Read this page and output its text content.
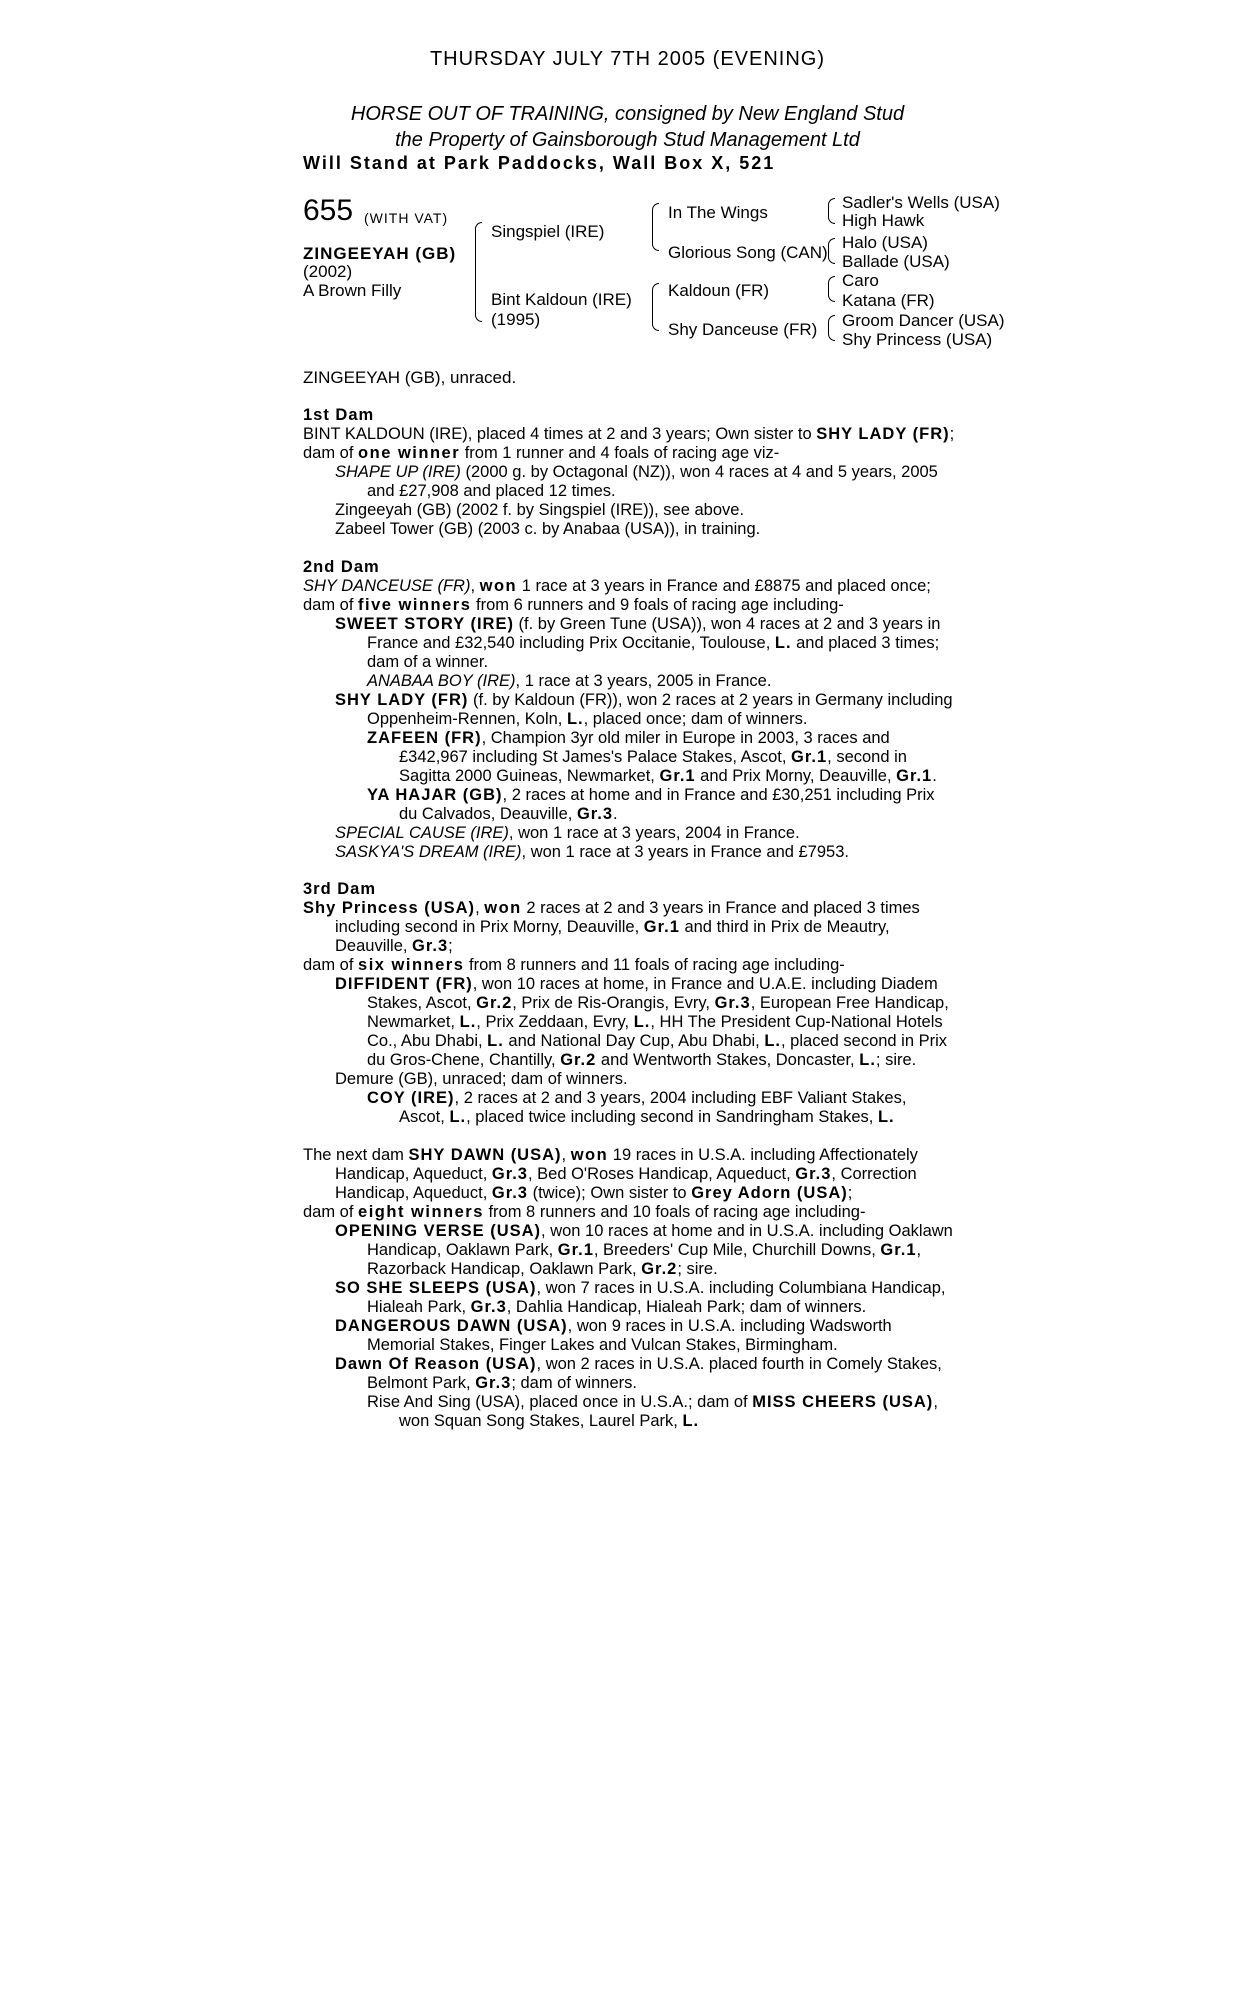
THURSDAY JULY 7TH 2005 (EVENING)
HORSE OUT OF TRAINING, consigned by New England Stud
the Property of Gainsborough Stud Management Ltd
Will Stand at Park Paddocks, Wall Box X, 521
655 (WITH VAT)
ZINGEEYAH (GB)
(2002)
A Brown Filly
Singspiel (IRE)
Bint Kaldoun (IRE)
(1995)
In The Wings
Glorious Song (CAN)
Kaldoun (FR)
Shy Danceuse (FR)
Sadler's Wells (USA)
High Hawk
Halo (USA)
Ballade (USA)
Caro
Katana (FR)
Groom Dancer (USA)
Shy Princess (USA)
ZINGEEYAH (GB), unraced.

1st Dam

BINT KALDOUN (IRE), placed 4 times at 2 and 3 years; Own sister to SHY LADY (FR);

dam of one winner from 1 runner and 4 foals of racing age viz-

SHAPE UP (IRE) (2000 g. by Octagonal (NZ)), won 4 races at 4 and 5 years, 2005 and £27,908 and placed 12 times.

Zingeeyah (GB) (2002 f. by Singspiel (IRE)), see above.

Zabeel Tower (GB) (2003 c. by Anabaa (USA)), in training.

2nd Dam

SHY DANCEUSE (FR), won 1 race at 3 years in France and £8875 and placed once;

dam of five winners from 6 runners and 9 foals of racing age including-

SWEET STORY (IRE) (f. by Green Tune (USA)), won 4 races at 2 and 3 years in France and £32,540 including Prix Occitanie, Toulouse, L. and placed 3 times; dam of a winner.

ANABAA BOY (IRE), 1 race at 3 years, 2005 in France.

SHY LADY (FR) (f. by Kaldoun (FR)), won 2 races at 2 years in Germany including Oppenheim-Rennen, Koln, L., placed once; dam of winners.

ZAFEEN (FR), Champion 3yr old miler in Europe in 2003, 3 races and £342,967 including St James's Palace Stakes, Ascot, Gr.1, second in Sagitta 2000 Guineas, Newmarket, Gr.1 and Prix Morny, Deauville, Gr.1.

YA HAJAR (GB), 2 races at home and in France and £30,251 including Prix du Calvados, Deauville, Gr.3.

SPECIAL CAUSE (IRE), won 1 race at 3 years, 2004 in France.

SASKYA'S DREAM (IRE), won 1 race at 3 years in France and £7953.

3rd Dam

Shy Princess (USA), won 2 races at 2 and 3 years in France and placed 3 times including second in Prix Morny, Deauville, Gr.1 and third in Prix de Meautry, Deauville, Gr.3;

dam of six winners from 8 runners and 11 foals of racing age including-

DIFFIDENT (FR), won 10 races at home, in France and U.A.E. including Diadem Stakes, Ascot, Gr.2, Prix de Ris-Orangis, Evry, Gr.3, European Free Handicap, Newmarket, L., Prix Zeddaan, Evry, L., HH The President Cup-National Hotels Co., Abu Dhabi, L. and National Day Cup, Abu Dhabi, L., placed second in Prix du Gros-Chene, Chantilly, Gr.2 and Wentworth Stakes, Doncaster, L.; sire.

Demure (GB), unraced; dam of winners.

COY (IRE), 2 races at 2 and 3 years, 2004 including EBF Valiant Stakes, Ascot, L., placed twice including second in Sandringham Stakes, L.

The next dam SHY DAWN (USA), won 19 races in U.S.A. including Affectionately Handicap, Aqueduct, Gr.3, Bed O'Roses Handicap, Aqueduct, Gr.3, Correction Handicap, Aqueduct, Gr.3 (twice); Own sister to Grey Adorn (USA);

dam of eight winners from 8 runners and 10 foals of racing age including-

OPENING VERSE (USA), won 10 races at home and in U.S.A. including Oaklawn Handicap, Oaklawn Park, Gr.1, Breeders' Cup Mile, Churchill Downs, Gr.1, Razorback Handicap, Oaklawn Park, Gr.2; sire.

SO SHE SLEEPS (USA), won 7 races in U.S.A. including Columbiana Handicap, Hialeah Park, Gr.3, Dahlia Handicap, Hialeah Park; dam of winners.

DANGEROUS DAWN (USA), won 9 races in U.S.A. including Wadsworth Memorial Stakes, Finger Lakes and Vulcan Stakes, Birmingham.

Dawn Of Reason (USA), won 2 races in U.S.A. placed fourth in Comely Stakes, Belmont Park, Gr.3; dam of winners.

Rise And Sing (USA), placed once in U.S.A.; dam of MISS CHEERS (USA), won Squan Song Stakes, Laurel Park, L.
